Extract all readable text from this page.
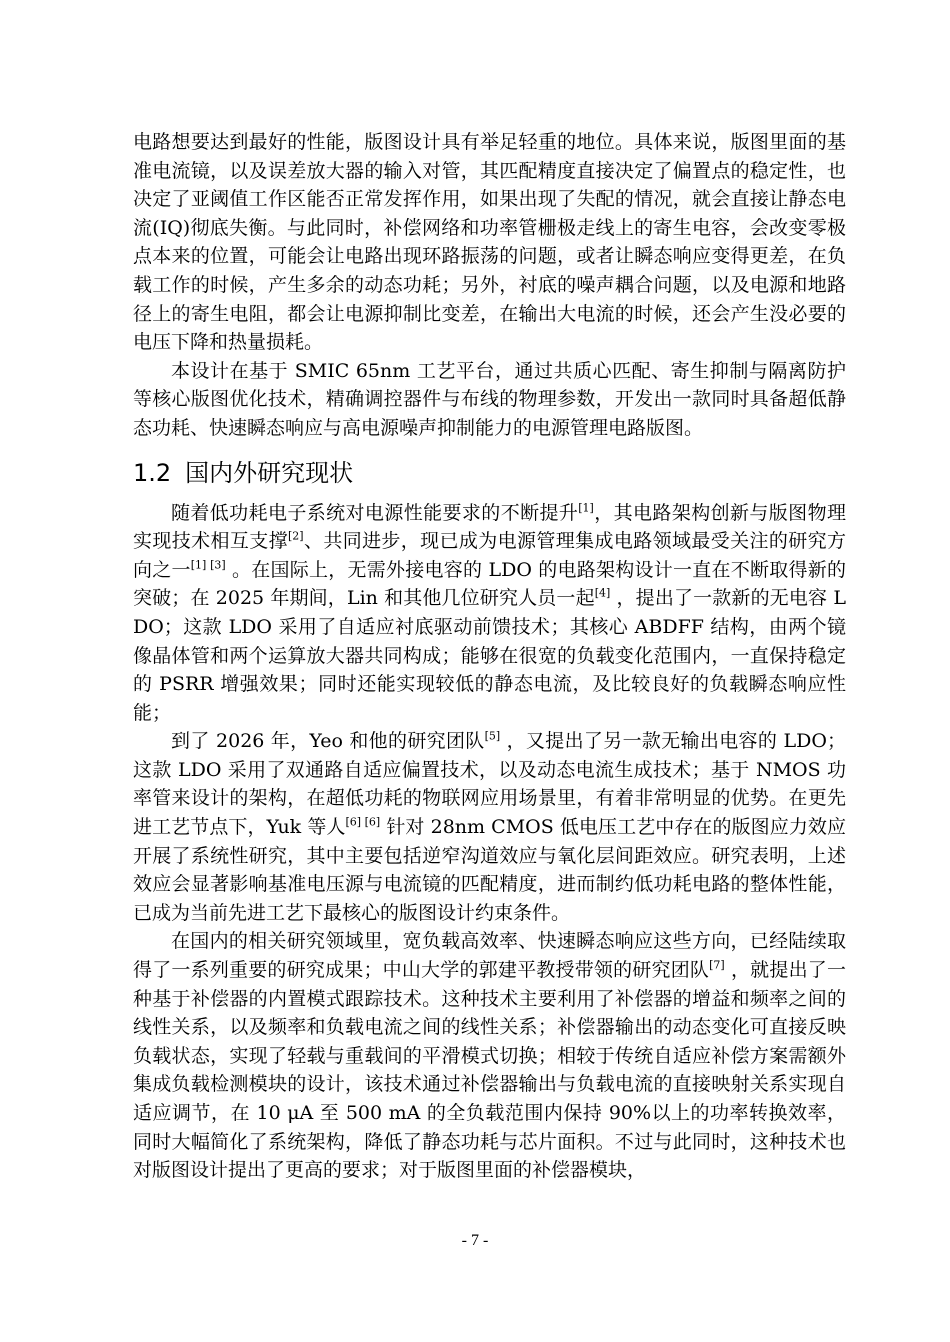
电路想要达到最好的性能，版图设计具有举足轻重的地位。具体来说，版图里面的基准电流镜，以及误差放大器的输入对管，其匹配精度直接决定了偏置点的稳定性，也决定了亚阈值工作区能否正常发挥作用，如果出现了失配的情况，就会直接让静态电流(IQ)彻底失衡。与此同时，补偿网络和功率管栅极走线上的寄生电容，会改变零极点本来的位置，可能会让电路出现环路振荡的问题，或者让瞬态响应变得更差，在负载工作的时候，产生多余的动态功耗；另外，衬底的噪声耦合问题，以及电源和地路径上的寄生电阻，都会让电源抑制比变差，在输出大电流的时候，还会产生没必要的电压下降和热量损耗。

本设计在基于 SMIC 65nm 工艺平台，通过共质心匹配、寄生抑制与隔离防护等核心版图优化技术，精确调控器件与布线的物理参数，开发出一款同时具备超低静态功耗、快速瞬态响应与高电源噪声抑制能力的电源管理电路版图。

1.2 国内外研究现状

随着低功耗电子系统对电源性能要求的不断提升[1]，其电路架构创新与版图物理实现技术相互支撑[2]、共同进步，现已成为电源管理集成电路领域最受关注的研究方向之一[1] [3] 。在国际上，无需外接电容的 LDO 的电路架构设计一直在不断取得新的突破；在 2025 年期间，Lin 和其他几位研究人员一起[4] ，提出了一款新的无电容 LDO；这款 LDO 采用了自适应衬底驱动前馈技术；其核心 ABDFF 结构，由两个镜像晶体管和两个运算放大器共同构成；能够在很宽的负载变化范围内，一直保持稳定的 PSRR 增强效果；同时还能实现较低的静态电流，及比较良好的负载瞬态响应性能；

到了 2026 年，Yeo 和他的研究团队[5] ，又提出了另一款无输出电容的 LDO；这款 LDO 采用了双通路自适应偏置技术，以及动态电流生成技术；基于 NMOS 功率管来设计的架构，在超低功耗的物联网应用场景里，有着非常明显的优势。在更先进工艺节点下，Yuk 等人[6] [6] 针对 28nm CMOS 低电压工艺中存在的版图应力效应开展了系统性研究，其中主要包括逆窄沟道效应与氧化层间距效应。研究表明，上述效应会显著影响基准电压源与电流镜的匹配精度，进而制约低功耗电路的整体性能，已成为当前先进工艺下最核心的版图设计约束条件。

在国内的相关研究领域里，宽负载高效率、快速瞬态响应这些方向，已经陆续取得了一系列重要的研究成果；中山大学的郭建平教授带领的研究团队[7] ，就提出了一种基于补偿器的内置模式跟踪技术。这种技术主要利用了补偿器的增益和频率之间的线性关系，以及频率和负载电流之间的线性关系；补偿器输出的动态变化可直接反映负载状态，实现了轻载与重载间的平滑模式切换；相较于传统自适应补偿方案需额外集成负载检测模块的设计，该技术通过补偿器输出与负载电流的直接映射关系实现自适应调节，在 10 μA 至 500 mA 的全负载范围内保持 90%以上的功率转换效率，同时大幅简化了系统架构，降低了静态功耗与芯片面积。不过与此同时，这种技术也对版图设计提出了更高的要求；对于版图里面的补偿器模块，

- 7 -
